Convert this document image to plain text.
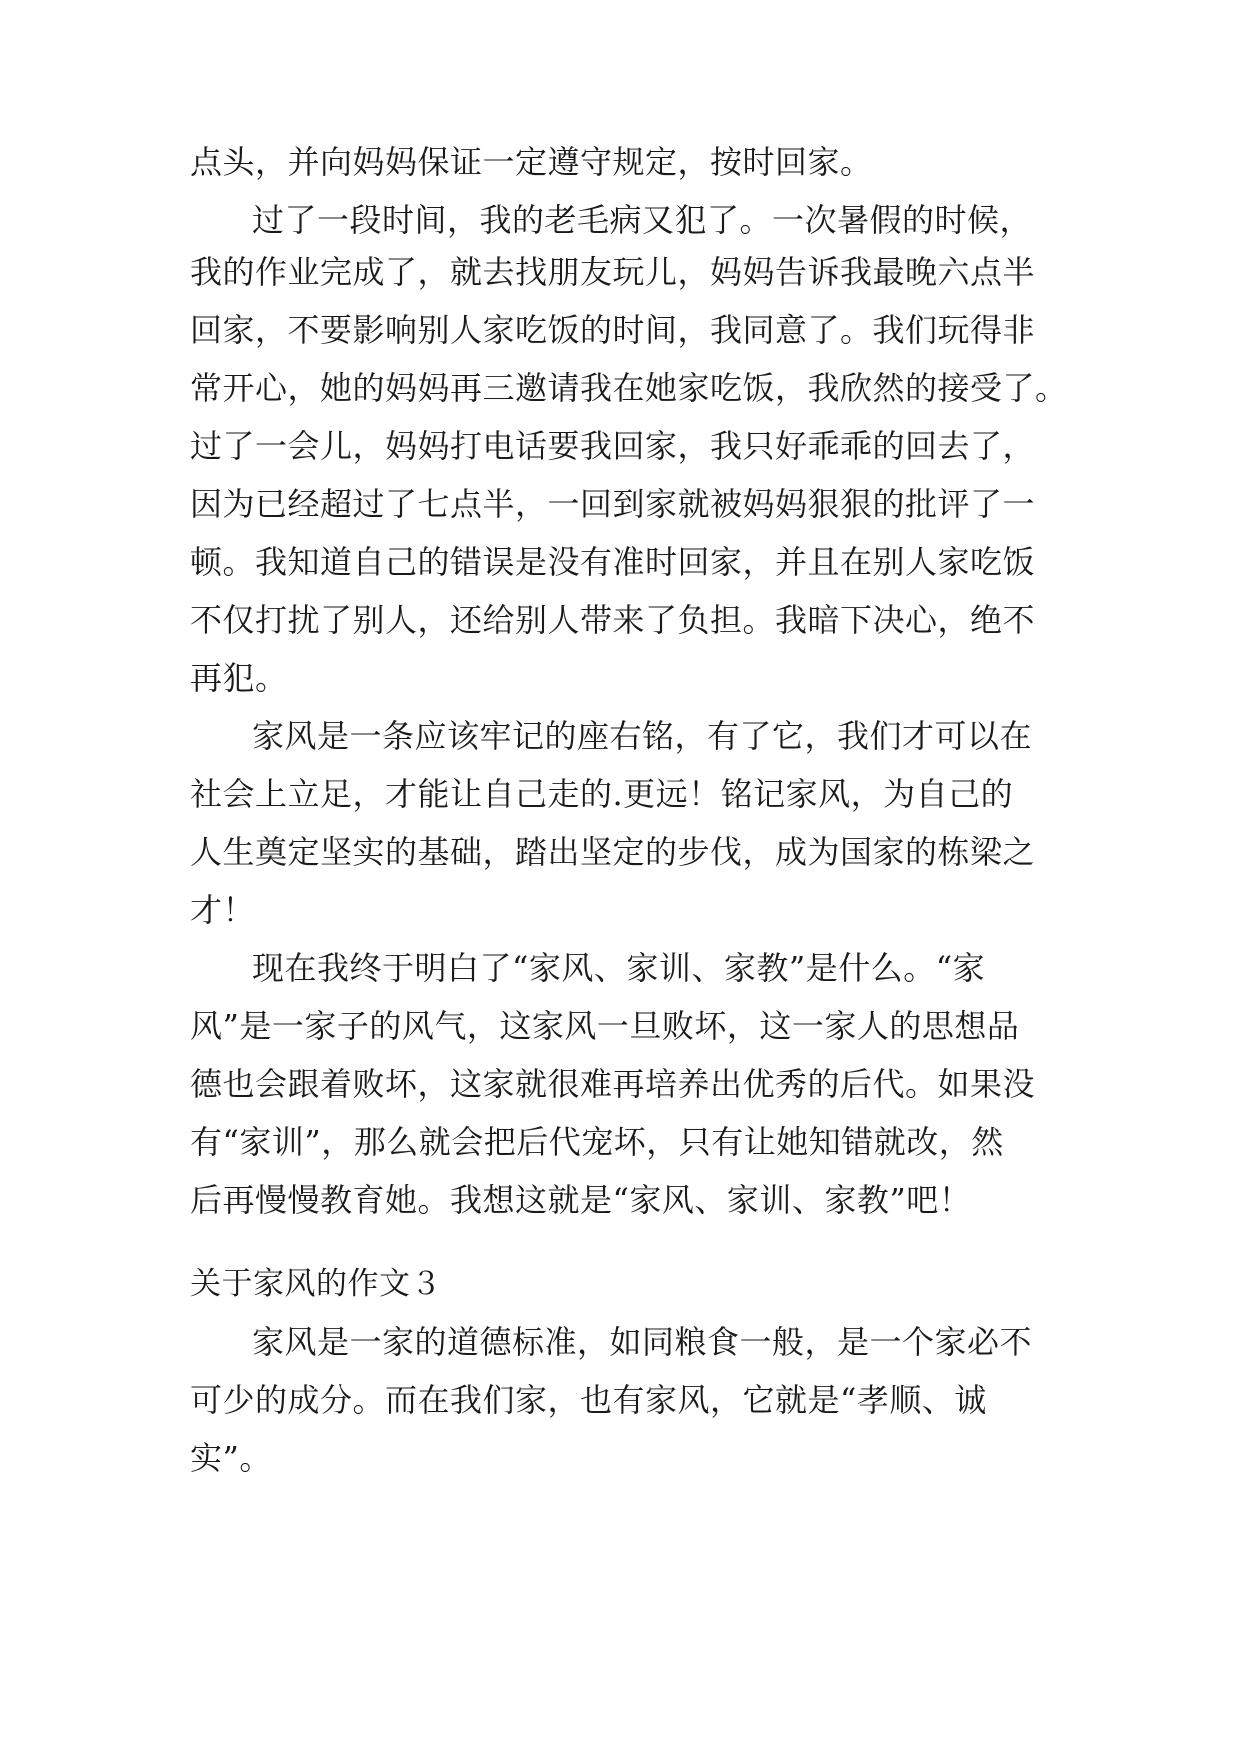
点头，并向妈妈保证一定遵守规定，按时回家。
过了一段时间，我的老毛病又犯了。一次暑假的时候，
我的作业完成了，就去找朋友玩儿，妈妈告诉我最晚六点半
回家，不要影响别人家吃饭的时间，我同意了。我们玩得非
常开心，她的妈妈再三邀请我在她家吃饭，我欣然的接受了。
过了一会儿，妈妈打电话要我回家，我只好乖乖的回去了，
因为已经超过了七点半，一回到家就被妈妈狠狠的批评了一
顿。我知道自己的错误是没有准时回家，并且在别人家吃饭
不仅打扰了别人，还给别人带来了负担。我暗下决心，绝不
再犯。
家风是一条应该牢记的座右铭，有了它，我们才可以在
社会上立足，才能让自己走的.更远！铭记家风，为自己的
人生奠定坚实的基础，踏出坚定的步伐，成为国家的栋梁之
才！
现在我终于明白了“家风、家训、家教”是什么。“家
风”是一家子的风气，这家风一旦败坏，这一家人的思想品
德也会跟着败坏，这家就很难再培养出优秀的后代。如果没
有“家训”，那么就会把后代宠坏，只有让她知错就改，然
后再慢慢教育她。我想这就是“家风、家训、家教”吧！
关于家风的作文３
家风是一家的道德标准，如同粮食一般，是一个家必不
可少的成分。而在我们家，也有家风，它就是“孝顺、诚
实”。
